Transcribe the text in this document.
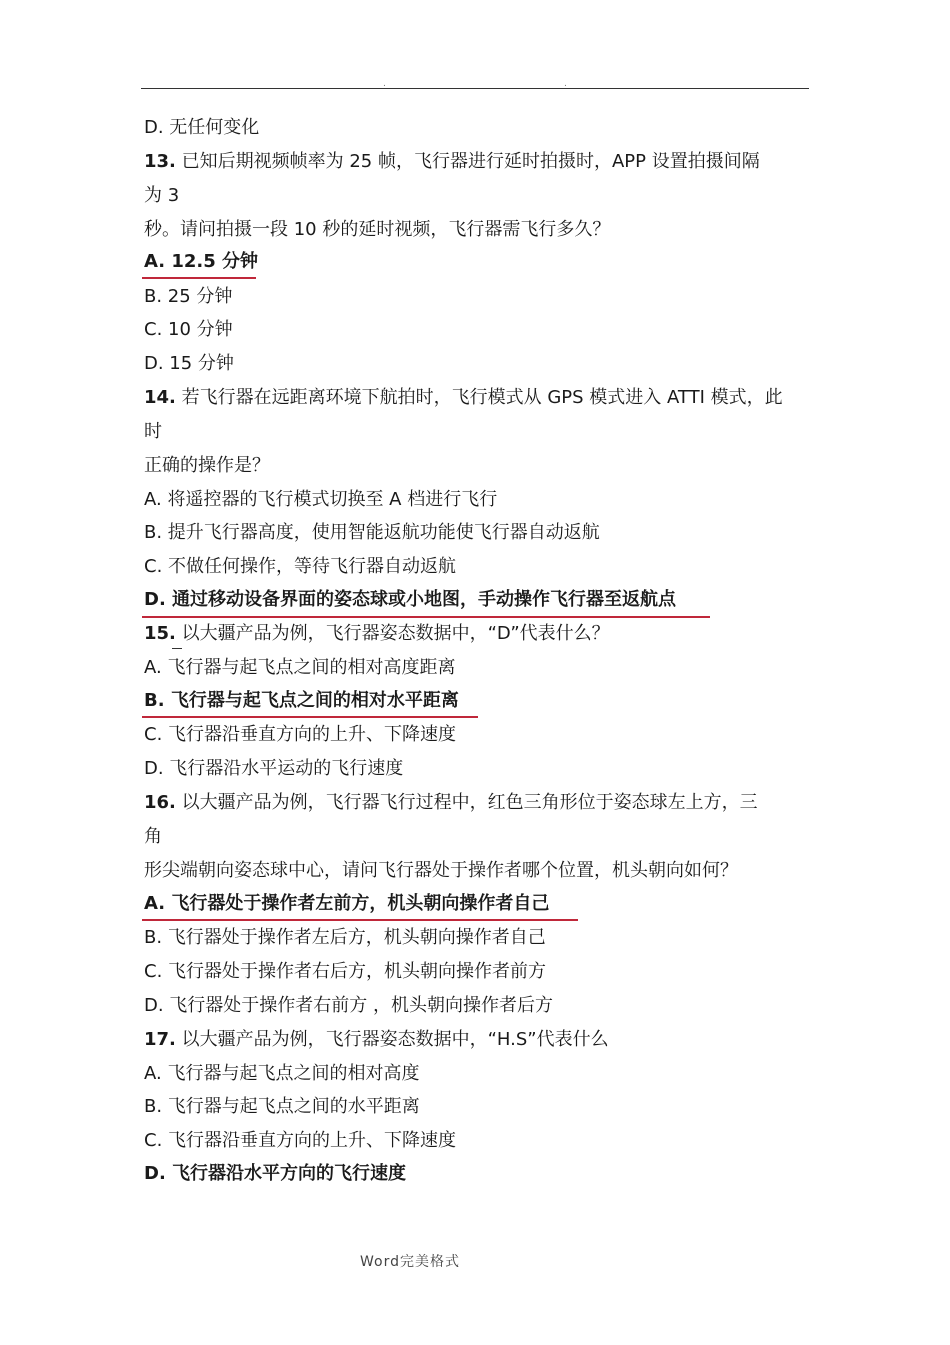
.	.
D. 无任何变化
13. 已知后期视频帧率为 25 帧，飞行器进行延时拍摄时，APP 设置拍摄间隔
为 3
秒。请问拍摄一段 10 秒的延时视频，飞行器需飞行多久？
A. 12.5 分钟
B. 25 分钟
C. 10 分钟
D. 15 分钟
14. 若飞行器在远距离环境下航拍时，飞行模式从 GPS 模式进入 ATTI 模式，此
时
正确的操作是？
A. 将遥控器的飞行模式切换至 A 档进行飞行
B. 提升飞行器高度，使用智能返航功能使飞行器自动返航
C. 不做任何操作，等待飞行器自动返航
D. 通过移动设备界面的姿态球或小地图，手动操作飞行器至返航点
15. 以大疆产品为例，飞行器姿态数据中，“D”代表什么？
A. 飞行器与起飞点之间的相对高度距离
B. 飞行器与起飞点之间的相对水平距离
C. 飞行器沿垂直方向的上升、下降速度
D. 飞行器沿水平运动的飞行速度
16. 以大疆产品为例，飞行器飞行过程中，红色三角形位于姿态球左上方，三
角
形尖端朝向姿态球中心，请问飞行器处于操作者哪个位置，机头朝向如何？
A. 飞行器处于操作者左前方，机头朝向操作者自己
B. 飞行器处于操作者左后方，机头朝向操作者自己
C. 飞行器处于操作者右后方，机头朝向操作者前方
D. 飞行器处于操作者右前方 ，机头朝向操作者后方
17. 以大疆产品为例，飞行器姿态数据中，“H.S”代表什么
A. 飞行器与起飞点之间的相对高度
B. 飞行器与起飞点之间的水平距离
C. 飞行器沿垂直方向的上升、下降速度
D. 飞行器沿水平方向的飞行速度
Word完美格式
